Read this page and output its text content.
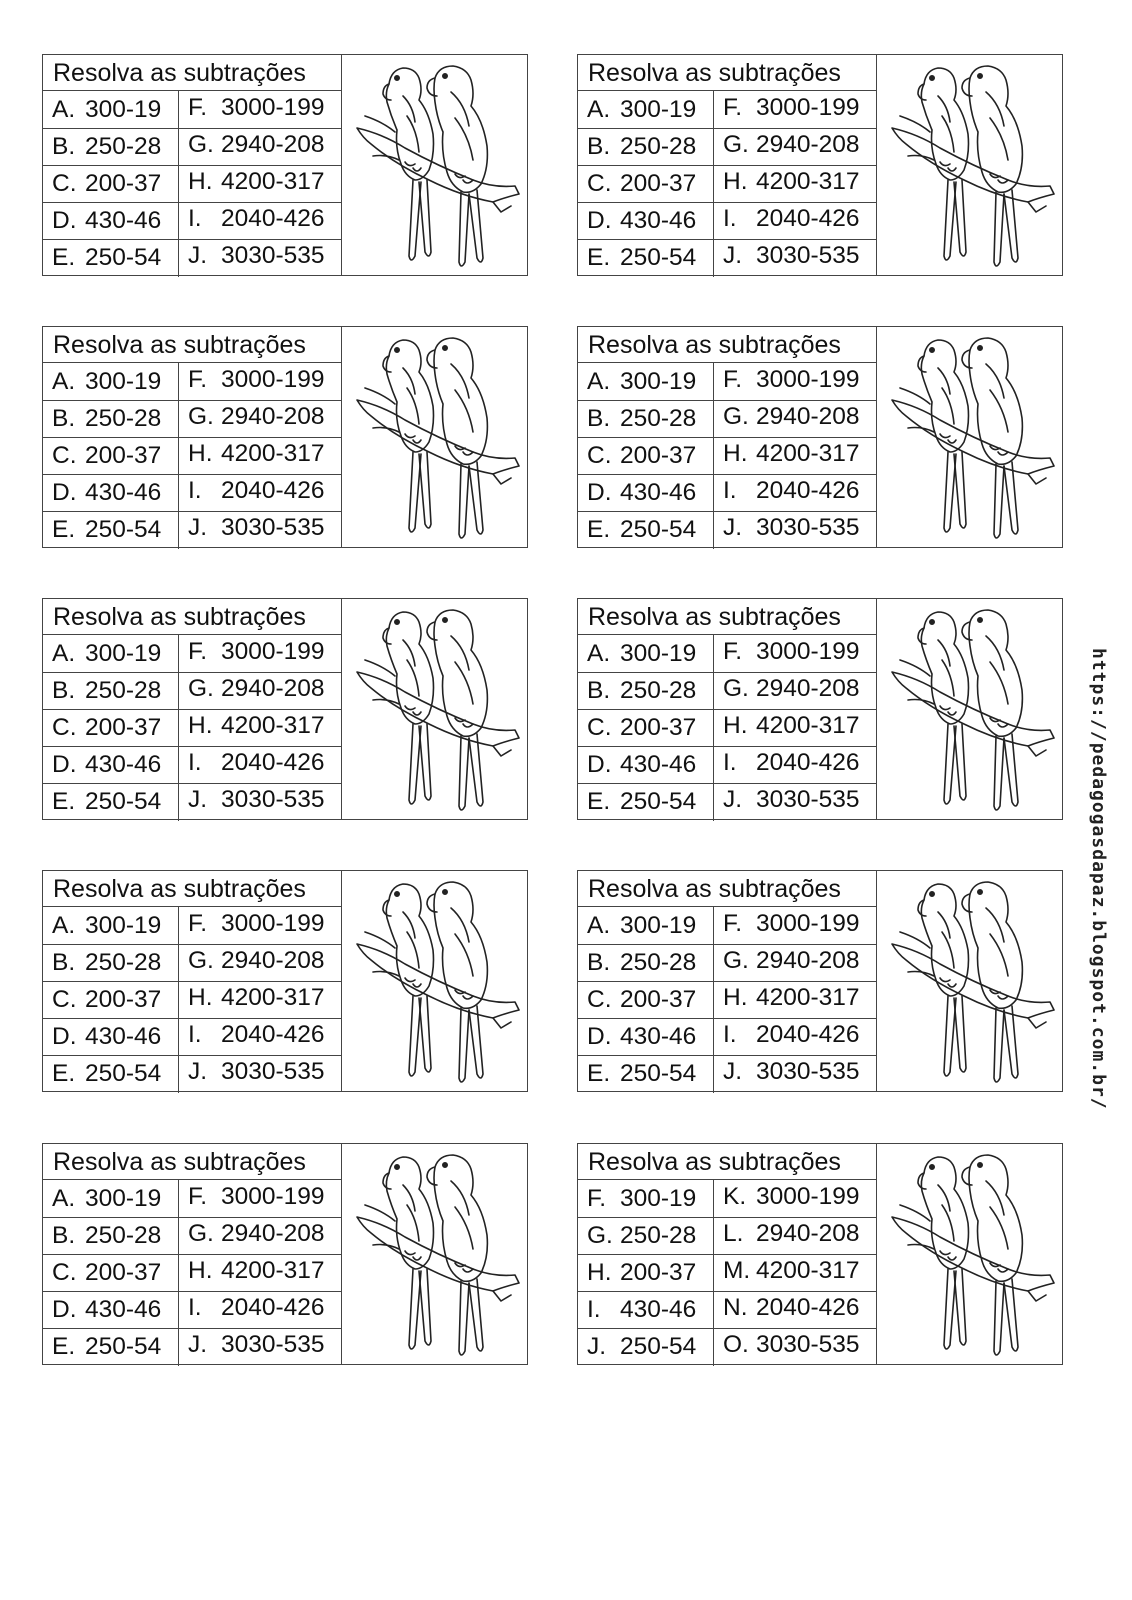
Resolva as subtrações
A. 300-19
B. 250-28
C. 200-37
D. 430-46
E. 250-54
F. 3000-199
G. 2940-208
H. 4200-317
I. 2040-426
J. 3030-535
Resolva as subtrações
A. 300-19
B. 250-28
C. 200-37
D. 430-46
E. 250-54
F. 3000-199
G. 2940-208
H. 4200-317
I. 2040-426
J. 3030-535
Resolva as subtrações
A. 300-19
B. 250-28
C. 200-37
D. 430-46
E. 250-54
F. 3000-199
G. 2940-208
H. 4200-317
I. 2040-426
J. 3030-535
Resolva as subtrações
A. 300-19
B. 250-28
C. 200-37
D. 430-46
E. 250-54
F. 3000-199
G. 2940-208
H. 4200-317
I. 2040-426
J. 3030-535
Resolva as subtrações
A. 300-19
B. 250-28
C. 200-37
D. 430-46
E. 250-54
F. 3000-199
G. 2940-208
H. 4200-317
I. 2040-426
J. 3030-535
Resolva as subtrações
A. 300-19
B. 250-28
C. 200-37
D. 430-46
E. 250-54
F. 3000-199
G. 2940-208
H. 4200-317
I. 2040-426
J. 3030-535
Resolva as subtrações
A. 300-19
B. 250-28
C. 200-37
D. 430-46
E. 250-54
F. 3000-199
G. 2940-208
H. 4200-317
I. 2040-426
J. 3030-535
Resolva as subtrações
A. 300-19
B. 250-28
C. 200-37
D. 430-46
E. 250-54
F. 3000-199
G. 2940-208
H. 4200-317
I. 2040-426
J. 3030-535
Resolva as subtrações
A. 300-19
B. 250-28
C. 200-37
D. 430-46
E. 250-54
F. 3000-199
G. 2940-208
H. 4200-317
I. 2040-426
J. 3030-535
Resolva as subtrações
F. 300-19
G. 250-28
H. 200-37
I. 430-46
J. 250-54
K. 3000-199
L. 2940-208
M. 4200-317
N. 2040-426
O. 3030-535
https://pedagogasdapaz.blogspot.com.br/
